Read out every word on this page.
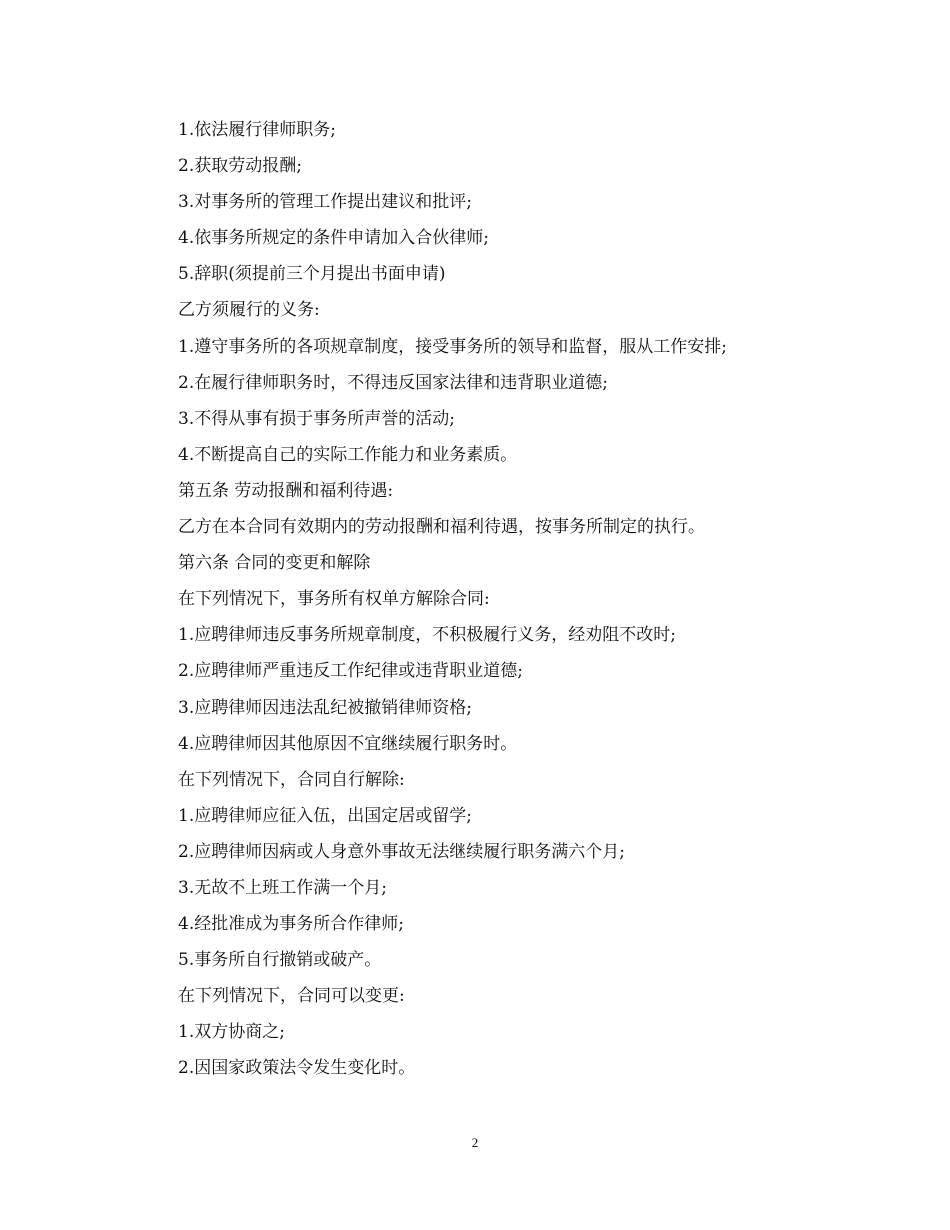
1.依法履行律师职务;
2.获取劳动报酬;
3.对事务所的管理工作提出建议和批评;
4.依事务所规定的条件申请加入合伙律师;
5.辞职(须提前三个月提出书面申请)
乙方须履行的义务:
1.遵守事务所的各项规章制度，接受事务所的领导和监督，服从工作安排;
2.在履行律师职务时，不得违反国家法律和违背职业道德;
3.不得从事有损于事务所声誉的活动;
4.不断提高自己的实际工作能力和业务素质。
第五条 劳动报酬和福利待遇:
乙方在本合同有效期内的劳动报酬和福利待遇，按事务所制定的执行。
第六条 合同的变更和解除
在下列情况下，事务所有权单方解除合同:
1.应聘律师违反事务所规章制度，不积极履行义务，经劝阻不改时;
2.应聘律师严重违反工作纪律或违背职业道德;
3.应聘律师因违法乱纪被撤销律师资格;
4.应聘律师因其他原因不宜继续履行职务时。
在下列情况下，合同自行解除:
1.应聘律师应征入伍，出国定居或留学;
2.应聘律师因病或人身意外事故无法继续履行职务满六个月;
3.无故不上班工作满一个月;
4.经批准成为事务所合作律师;
5.事务所自行撤销或破产。
在下列情况下，合同可以变更:
1.双方协商之;
2.因国家政策法令发生变化时。
2
